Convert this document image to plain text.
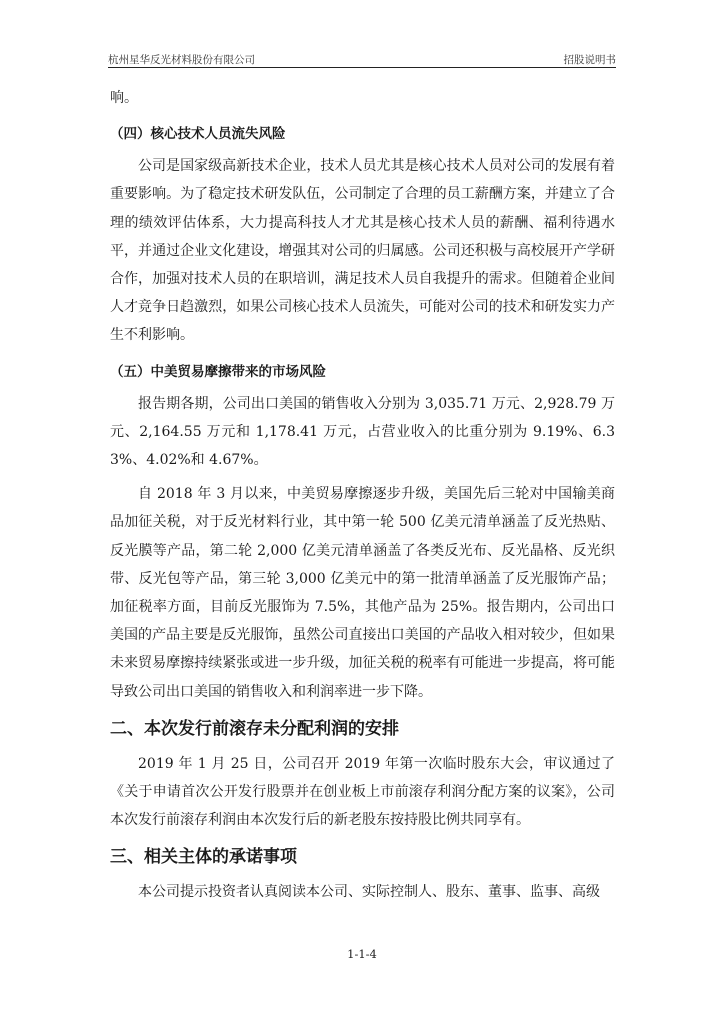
杭州星华反光材料股份有限公司	招股说明书

响。

（四）核心技术人员流失风险

公司是国家级高新技术企业，技术人员尤其是核心技术人员对公司的发展有着重要影响。为了稳定技术研发队伍，公司制定了合理的员工薪酬方案，并建立了合理的绩效评估体系，大力提高科技人才尤其是核心技术人员的薪酬、福利待遇水平，并通过企业文化建设，增强其对公司的归属感。公司还积极与高校展开产学研合作，加强对技术人员的在职培训，满足技术人员自我提升的需求。但随着企业间人才竞争日趋激烈，如果公司核心技术人员流失，可能对公司的技术和研发实力产生不利影响。

（五）中美贸易摩擦带来的市场风险

报告期各期，公司出口美国的销售收入分别为 3,035.71 万元、2,928.79 万元、2,164.55 万元和 1,178.41 万元，占营业收入的比重分别为 9.19%、6.33%、4.02%和 4.67%。

自 2018 年 3 月以来，中美贸易摩擦逐步升级，美国先后三轮对中国输美商品加征关税，对于反光材料行业，其中第一轮 500 亿美元清单涵盖了反光热贴、反光膜等产品，第二轮 2,000 亿美元清单涵盖了各类反光布、反光晶格、反光织带、反光包等产品，第三轮 3,000 亿美元中的第一批清单涵盖了反光服饰产品；加征税率方面，目前反光服饰为 7.5%，其他产品为 25%。报告期内，公司出口美国的产品主要是反光服饰，虽然公司直接出口美国的产品收入相对较少，但如果未来贸易摩擦持续紧张或进一步升级，加征关税的税率有可能进一步提高，将可能导致公司出口美国的销售收入和利润率进一步下降。

二、本次发行前滚存未分配利润的安排

2019 年 1 月 25 日，公司召开 2019 年第一次临时股东大会，审议通过了《关于申请首次公开发行股票并在创业板上市前滚存利润分配方案的议案》，公司本次发行前滚存利润由本次发行后的新老股东按持股比例共同享有。

三、相关主体的承诺事项

本公司提示投资者认真阅读本公司、实际控制人、股东、董事、监事、高级

1-1-4
